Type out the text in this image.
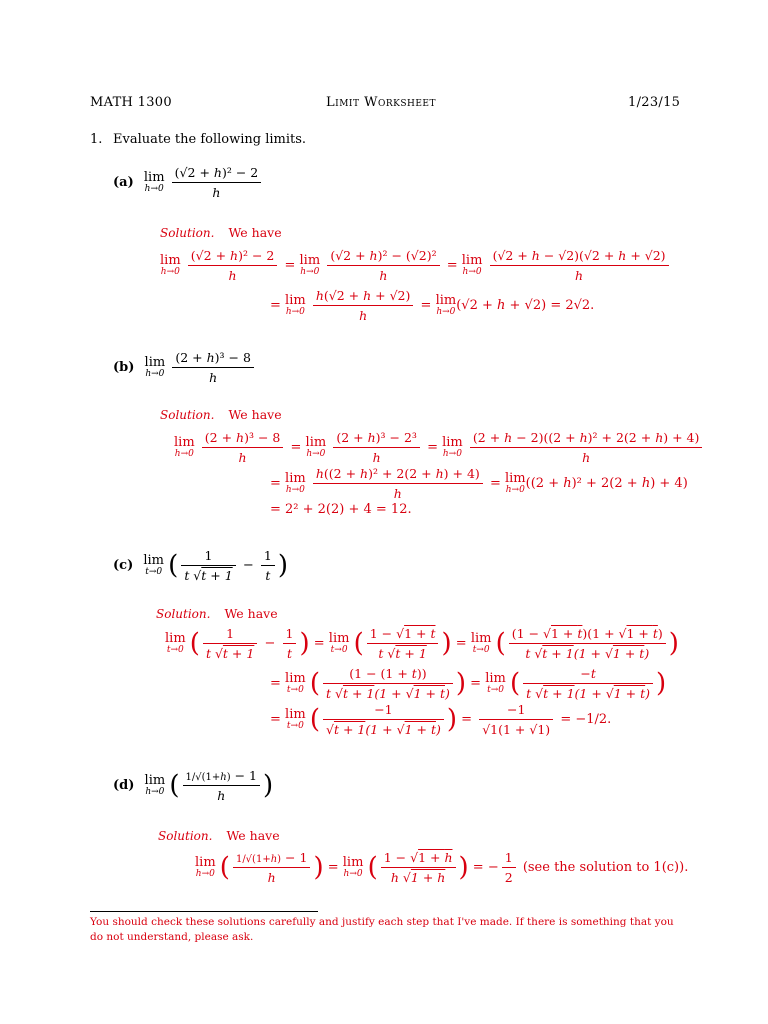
MATH 1300	Limit Worksheet	1/23/15
1. Evaluate the following limits.
(a) lim
h→0
$\frac{\text{(√2 + h)² − 2}}{h}$
Solution. We have
lim
h→0
$\frac{\text{(√2 + h)² − 2}}{h} = \lim$
h→0
$\frac{\text{(√2 + h)² − (√2)²}}{h} = \lim$
h→0
$\frac{(√2 + h - √2)(√2 + h + √2)}{h}$
= lim
h→0
$\frac{h(√2 + h + √2)}{h} = \lim$
h→0 (√2 + h + √2) = 2√2.
(b) lim
h→0
$\frac{\text{(2 + h)³ − 8}}{h}$
Solution. We have
lim
h→0
$\frac{\text{(2 + h)³ − 8}}{h} = \lim$
h→0
$\frac{\text{(2 + h)³ − 2³}}{h} = \lim$
h→0
$\frac{\text{(2 + h − 2)((2 + h)² + 2(2 + h) + 4)}}{h}$
= lim
h→0
$\frac{\text{h((2 + h)² + 2(2 + h) + 4)}}{h} = \lim$
h→0 ((2 + h)² + 2(2 + h) + 4)
= 2² + 2(2) + 4 = 12.
(c) lim
t→0 ( $\frac{1}{t √t + 1} - \frac{1}{t}$ )
Solution. We have
lim
t→0 ( $\frac{1}{t √t + 1} - \frac{1}{t}$ ) = lim
t→0 ( $\frac{1 - √1 + t}{t √t + 1}$ ) = lim
t→0 ( $\frac{(1 - √1 + t)(1 + √1 + t)}{t √t + 1(1 + √1 + t)}$ )
= lim
t→0 ( $\frac{(1 - (1 + t))}{t √t + 1(1 + √1 + t)}$ ) = lim
t→0 ( $\frac{-t}{t √t + 1(1 + √1 + t)}$ )
= lim
t→0 ( $\frac{-1}{√t + 1(1 + √1 + t)}$ ) = $\frac{-1}{√1(1 + √1)} = -1/2$.
(d) lim
h→0 ( $\frac{1/√(1+h) - 1}{h}$ )
Solution. We have
lim
h→0 ( $\frac{1/√(1+h) - 1}{h}$ ) = lim
h→0 ( $\frac{1 - √1 + h}{h √1 + h}$ ) = − $\frac{1}{2} (see$ the solution to 1(c)).
You should check these solutions carefully and justify each step that I've made. If there is something that you do not understand, please ask.
